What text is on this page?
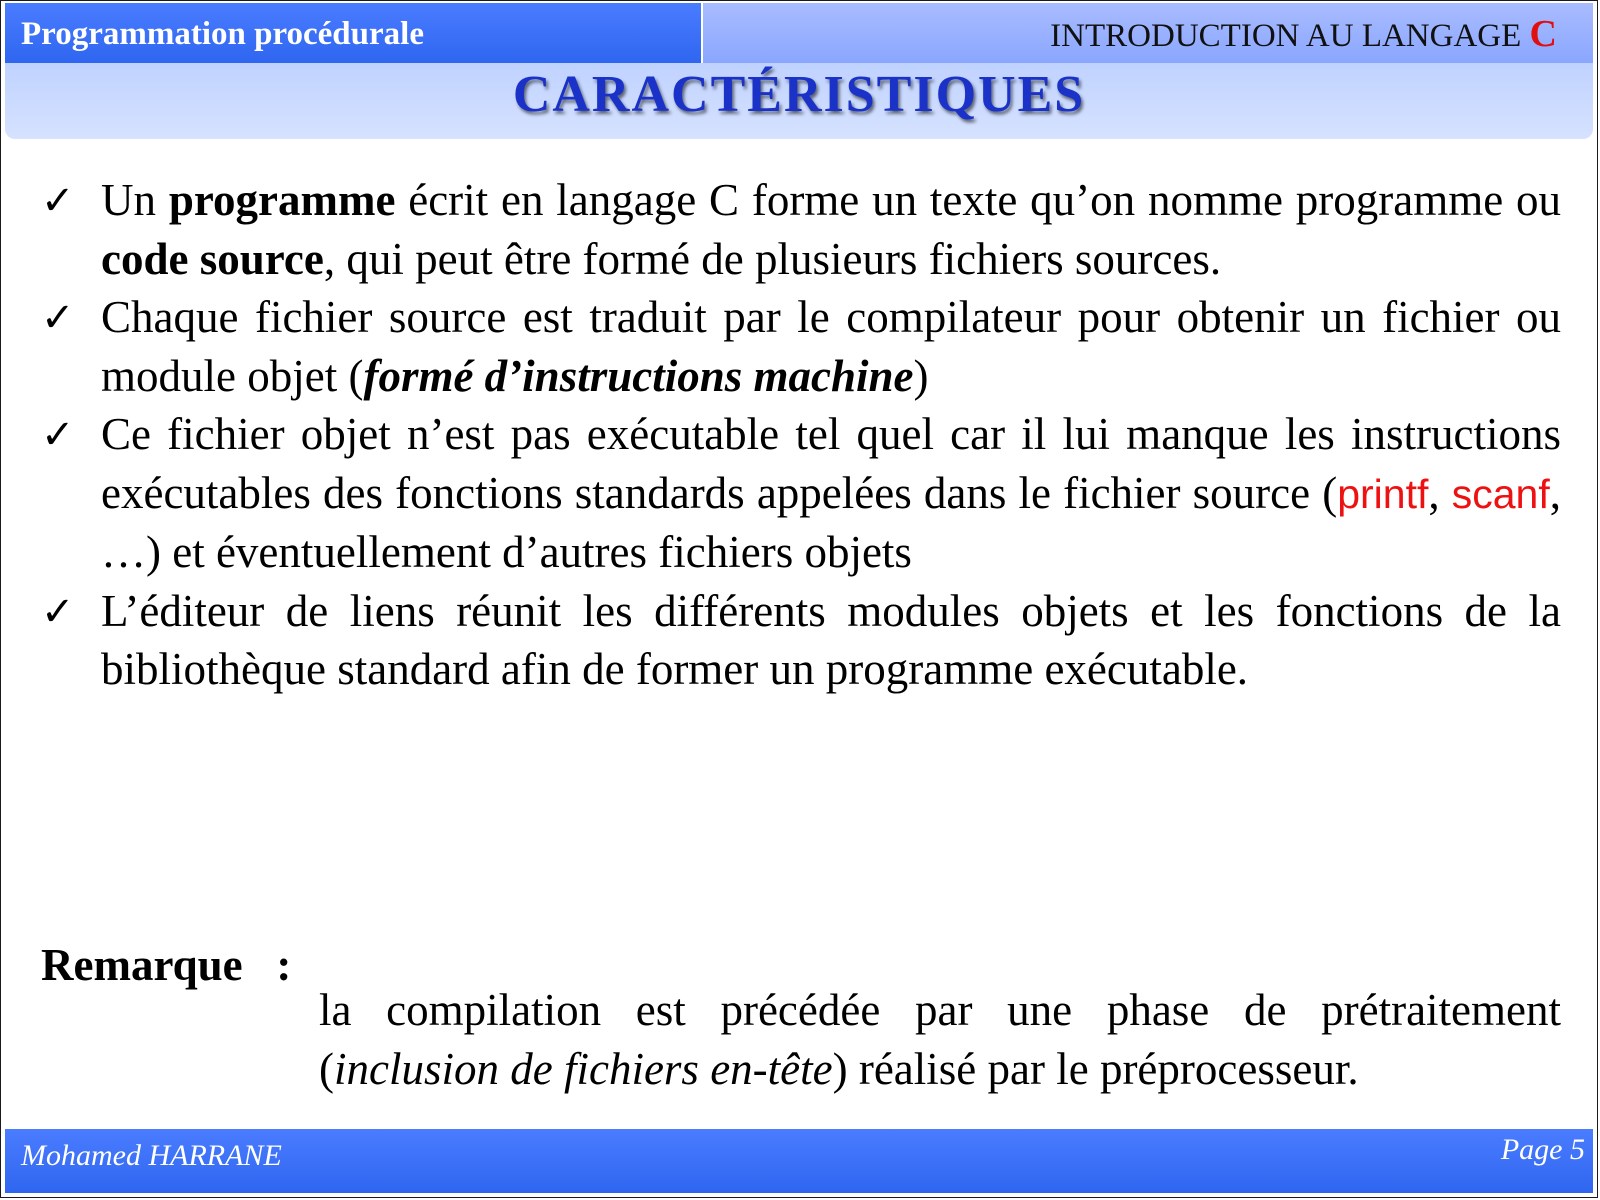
Programmation procédurale	INTRODUCTION AU LANGAGE C
CARACTÉRISTIQUES
✓ Un programme écrit en langage C forme un texte qu’on nomme programme ou code source, qui peut être formé de plusieurs fichiers sources.

✓ Chaque fichier source est traduit par le compilateur pour obtenir un fichier ou module objet (formé d’instructions machine)

✓ Ce fichier objet n’est pas exécutable tel quel car il lui manque les instructions exécutables des fonctions standards appelées dans le fichier source (printf, scanf, …) et éventuellement d’autres fichiers objets

✓ L’éditeur de liens réunit les différents modules objets et les fonctions de la bibliothèque standard afin de former un programme exécutable.

Remarque :

la compilation est précédée par une phase de prétraitement (inclusion de fichiers en-tête) réalisé par le préprocesseur.

Mohamed HARRANE	Page 5
